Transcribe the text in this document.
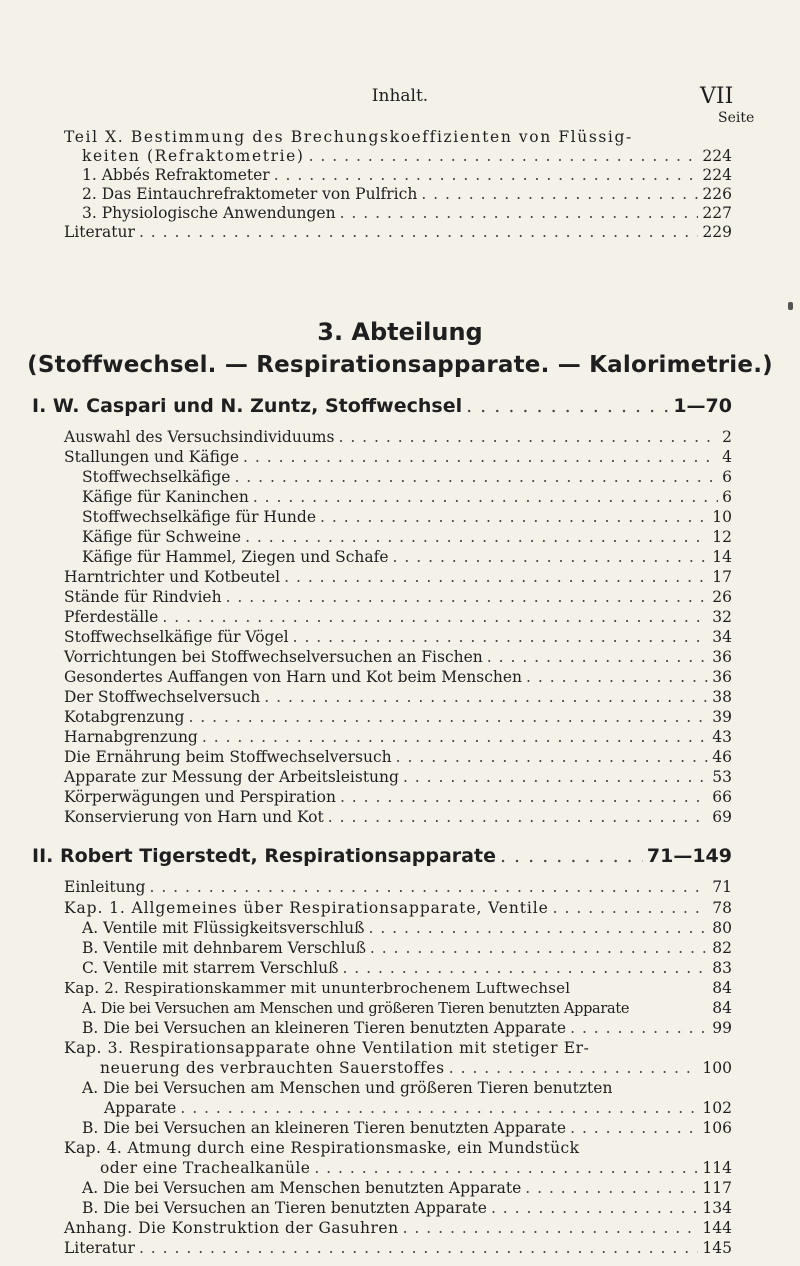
Inhalt.	VII
Seite
Teil X. Bestimmung des Brechungskoeffizienten von Flüssig-
keiten (Refraktometrie) . . .	224
1. Abbés Refraktometer . . .	224
2. Das Eintauchrefraktometer von Pulfrich . . .	226
3. Physiologische Anwendungen . . .	227
Literatur . . .	229
3. Abteilung
(Stoffwechsel. — Respirationsapparate. — Kalorimetrie.)
I. W. Caspari und N. Zuntz, Stoffwechsel . . .	1—70
Auswahl des Versuchsindividuums . . .	2
Stallungen und Käfige . . .	4
Stoffwechselkäfige . . .	6
Käfige für Kaninchen . . .	6
Stoffwechselkäfige für Hunde . . .	10
Käfige für Schweine . . .	12
Käfige für Hammel, Ziegen und Schafe . . .	14
Harntrichter und Kotbeutel . . .	17
Stände für Rindvieh . . .	26
Pferdeställe . . .	32
Stoffwechselkäfige für Vögel . . .	34
Vorrichtungen bei Stoffwechselversuchen an Fischen . . .	36
Gesondertes Auffangen von Harn und Kot beim Menschen . . .	36
Der Stoffwechselversuch . . .	38
Kotabgrenzung . . .	39
Harnabgrenzung . . .	43
Die Ernährung beim Stoffwechselversuch . . .	46
Apparate zur Messung der Arbeitsleistung . . .	53
Körperwägungen und Perspiration . . .	66
Konservierung von Harn und Kot . . .	69
II. Robert Tigerstedt, Respirationsapparate . . .	71—149
Einleitung . . .	71
Kap. 1. Allgemeines über Respirationsapparate, Ventile . . .	78
A. Ventile mit Flüssigkeitsverschluß . . .	80
B. Ventile mit dehnbarem Verschluß . . .	82
C. Ventile mit starrem Verschluß . . .	83
Kap. 2. Respirationskammer mit ununterbrochenem Luftwechsel	84
A. Die bei Versuchen am Menschen und größeren Tieren benutzten Apparate	84
B. Die bei Versuchen an kleineren Tieren benutzten Apparate . . .	99
Kap. 3. Respirationsapparate ohne Ventilation mit stetiger Er-
neuerung des verbrauchten Sauerstoffes . . .	100
A. Die bei Versuchen am Menschen und größeren Tieren benutzten
Apparate . . .	102
B. Die bei Versuchen an kleineren Tieren benutzten Apparate . . .	106
Kap. 4. Atmung durch eine Respirationsmaske, ein Mundstück
oder eine Trachealkanüle . . .	114
A. Die bei Versuchen am Menschen benutzten Apparate . . .	117
B. Die bei Versuchen an Tieren benutzten Apparate . . .	134
Anhang. Die Konstruktion der Gasuhren . . .	144
Literatur . . .	145
